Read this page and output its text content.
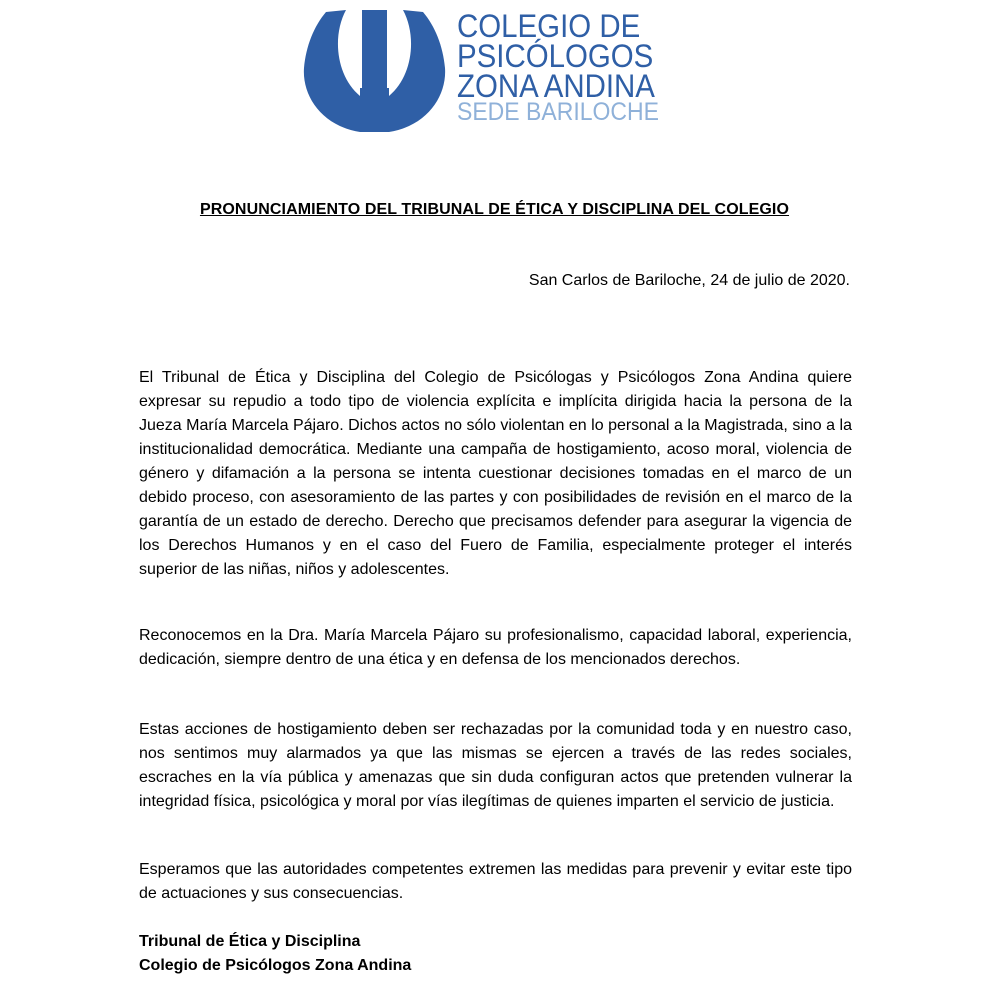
COLEGIO DE
PSICÓLOGOS
ZONA ANDINA
SEDE BARILOCHE
PRONUNCIAMIENTO DEL TRIBUNAL DE ÉTICA Y DISCIPLINA DEL COLEGIO
San Carlos de Bariloche, 24 de julio de 2020.

El Tribunal de Ética y Disciplina del Colegio de Psicólogas y Psicólogos Zona Andina quiere expresar su repudio a todo tipo de violencia explícita e implícita dirigida hacia la persona de la Jueza María Marcela Pájaro. Dichos actos no sólo violentan en lo personal a la Magistrada, sino a la institucionalidad democrática. Mediante una campaña de hostigamiento, acoso moral, violencia de género y difamación a la persona se intenta cuestionar decisiones tomadas en el marco de un debido proceso, con asesoramiento de las partes y con posibilidades de revisión en el marco de la garantía de un estado de derecho. Derecho que precisamos defender para asegurar la vigencia de los Derechos Humanos y en el caso del Fuero de Familia, especialmente proteger el interés superior de las niñas, niños y adolescentes.

Reconocemos en la Dra. María Marcela Pájaro su profesionalismo, capacidad laboral, experiencia, dedicación, siempre dentro de una ética y en defensa de los mencionados derechos.

Estas acciones de hostigamiento deben ser rechazadas por la comunidad toda y en nuestro caso, nos sentimos muy alarmados ya que las mismas se ejercen a través de las redes sociales, escraches en la vía pública y amenazas que sin duda configuran actos que pretenden vulnerar la integridad física, psicológica y moral por vías ilegítimas de quienes imparten el servicio de justicia.

Esperamos que las autoridades competentes extremen las medidas para prevenir y evitar este tipo de actuaciones y sus consecuencias.

Tribunal de Ética y Disciplina
Colegio de Psicólogos Zona Andina
